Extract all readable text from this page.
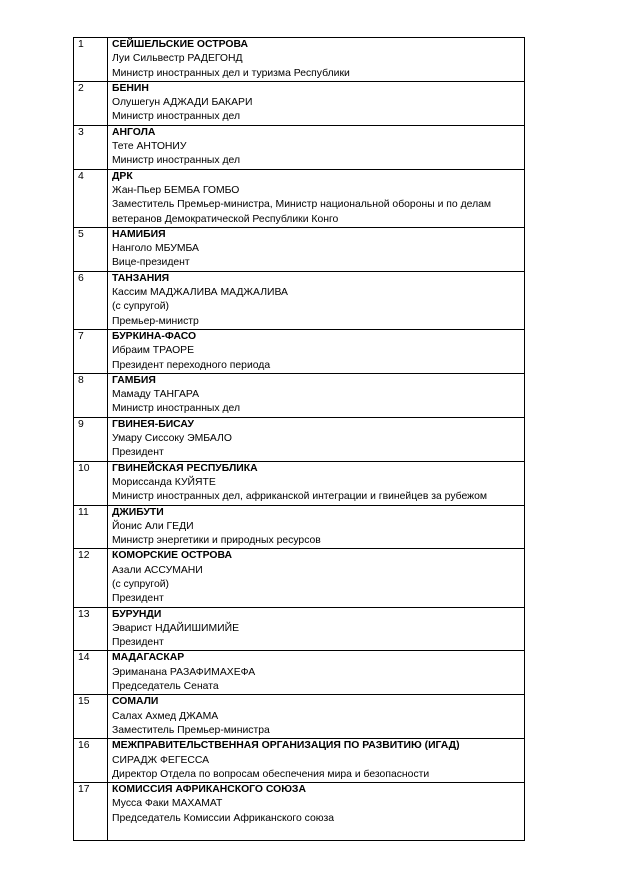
1	СЕЙШЕЛЬСКИЕ ОСТРОВА
Луи Сильвестр РАДЕГОНД
Министр иностранных дел и туризма Республики

2	БЕНИН
Олушегун АДЖАДИ БАКАРИ
Министр иностранных дел

3	АНГОЛА
Тете АНТОНИУ
Министр иностранных дел

4	ДРК
Жан-Пьер БЕМБА ГОМБО
Заместитель Премьер-министра, Министр национальной обороны и по делам
ветеранов Демократической Республики Конго

5	НАМИБИЯ
Нанголо МБУМБА
Вице-президент

6	ТАНЗАНИЯ
Кассим МАДЖАЛИВА МАДЖАЛИВА
(с супругой)
Премьер-министр

7	БУРКИНА-ФАСО
Ибраим ТРАОРЕ
Президент переходного периода

8	ГАМБИЯ
Мамаду ТАНГАРА
Министр иностранных дел

9	ГВИНЕЯ-БИСАУ
Умару Сиссоку ЭМБАЛО
Президент

10	ГВИНЕЙСКАЯ РЕСПУБЛИКА
Мориссанда КУЙЯТЕ
Министр иностранных дел, африканской интеграции и гвинейцев за рубежом

11	ДЖИБУТИ
Йонис Али ГЕДИ
Министр энергетики и природных ресурсов

12	КОМОРСКИЕ ОСТРОВА
Азали АССУМАНИ
(с супругой)
Президент

13	БУРУНДИ
Эварист НДАЙИШИМИЙЕ
Президент

14	МАДАГАСКАР
Эриманана РАЗАФИМАХЕФА
Председатель Сената

15	СОМАЛИ
Салах Ахмед ДЖАМА
Заместитель Премьер-министра

16	МЕЖПРАВИТЕЛЬСТВЕННАЯ ОРГАНИЗАЦИЯ ПО РАЗВИТИЮ (ИГАД)
СИРАДЖ ФЕГЕССА
Директор Отдела по вопросам обеспечения мира и безопасности

17	КОМИССИЯ АФРИКАНСКОГО СОЮЗА
Мусса Факи МАХАМАТ
Председатель Комиссии Африканского союза
